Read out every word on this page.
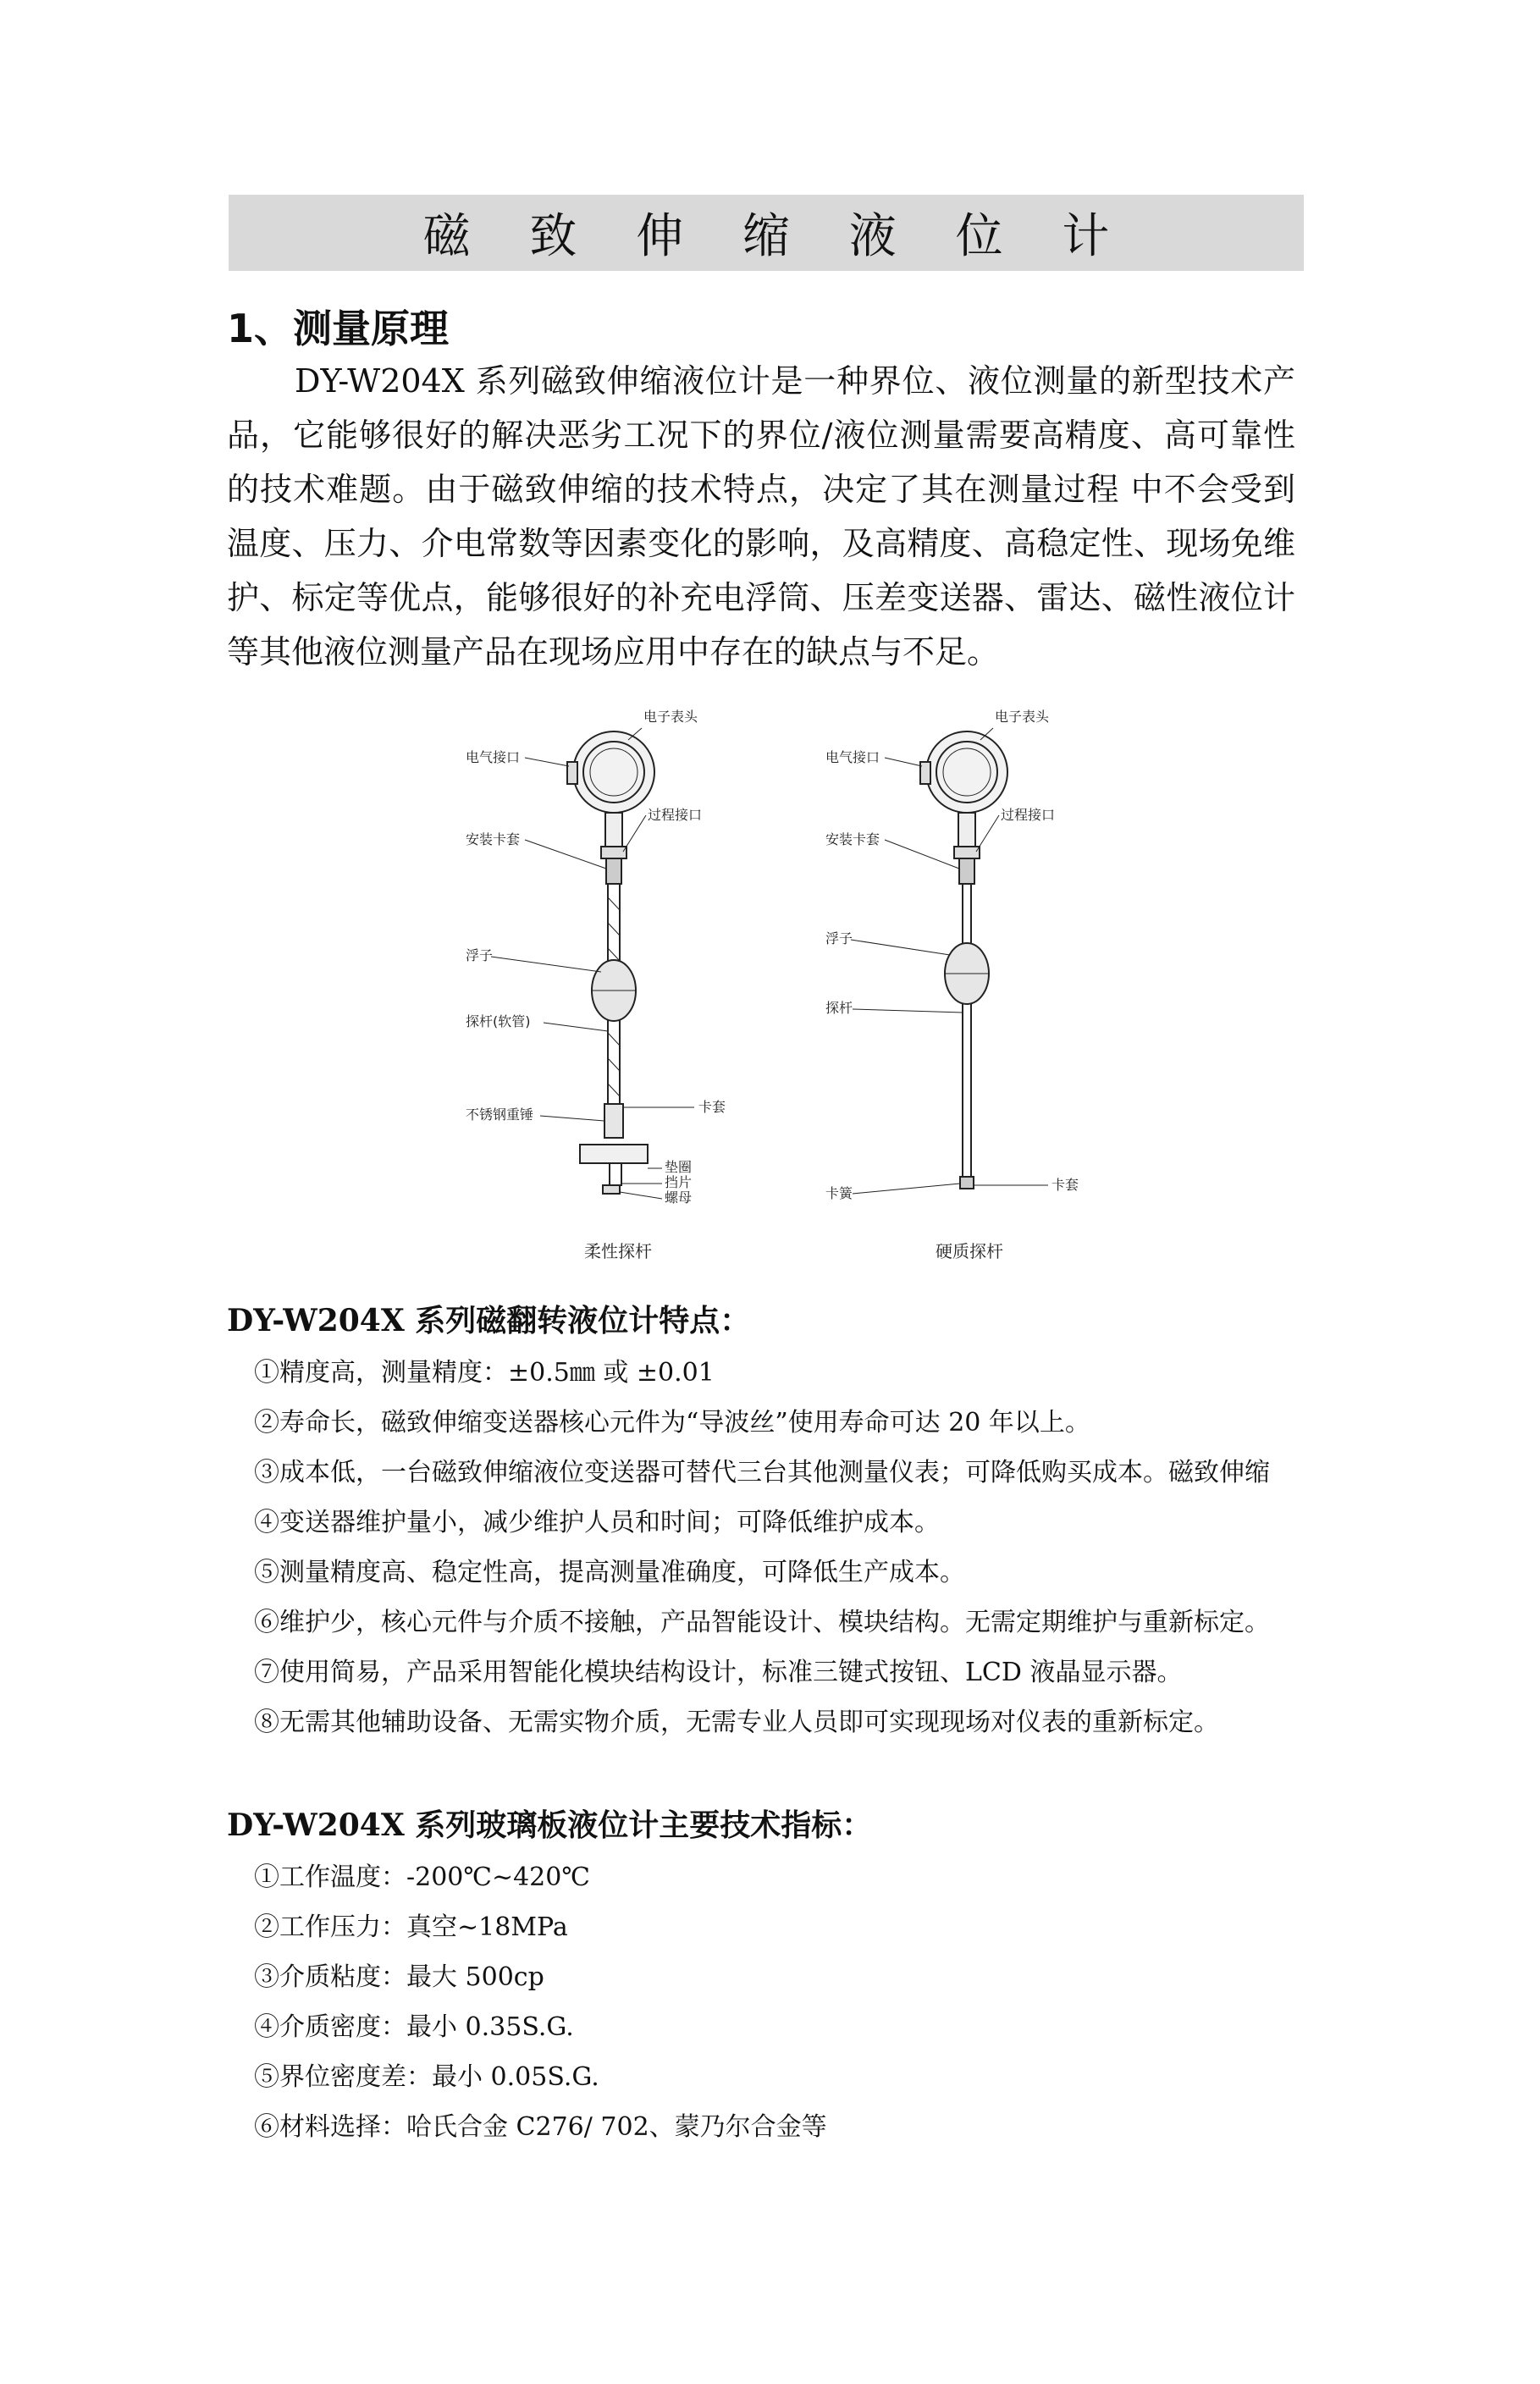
磁 致 伸 缩 液 位 计
1、测量原理

DY-W204X 系列磁致伸缩液位计是一种界位、液位测量的新型技术产品，它能够很好的解决恶劣工况下的界位/液位测量需要高精度、高可靠性的技术难题。由于磁致伸缩的技术特点，决定了其在测量过程 中不会受到温度、压力、介电常数等因素变化的影响，及高精度、高稳定性、现场免维护、标定等优点，能够很好的补充电浮筒、压差变送器、雷达、磁性液位计等其他液位测量产品在现场应用中存在的缺点与不足。

电子表头
电气接口
过程接口
安装卡套
浮子
探杆(软管)
不锈钢重锤	卡套
垫圈
挡片
螺母
柔性探杆
电子表头
电气接口
过程接口
安装卡套
浮子
探杆
卡套
卡簧
硬质探杆
DY-W204X 系列磁翻转液位计特点：
①精度高，测量精度：±0.5㎜ 或 ±0.01
②寿命长，磁致伸缩变送器核心元件为“导波丝”使用寿命可达 20 年以上。
③成本低，一台磁致伸缩液位变送器可替代三台其他测量仪表；可降低购买成本。磁致伸缩
④变送器维护量小，减少维护人员和时间；可降低维护成本。
⑤测量精度高、稳定性高，提高测量准确度，可降低生产成本。
⑥维护少，核心元件与介质不接触，产品智能设计、模块结构。无需定期维护与重新标定。
⑦使用简易，产品采用智能化模块结构设计，标准三键式按钮、LCD 液晶显示器。
⑧无需其他辅助设备、无需实物介质，无需专业人员即可实现现场对仪表的重新标定。
DY-W204X 系列玻璃板液位计主要技术指标：
①工作温度：-200℃~420℃
②工作压力：真空~18MPa
③介质粘度：最大 500cp
④介质密度：最小 0.35S.G.
⑤界位密度差：最小 0.05S.G.
⑥材料选择：哈氏合金 C276/ 702、蒙乃尔合金等
